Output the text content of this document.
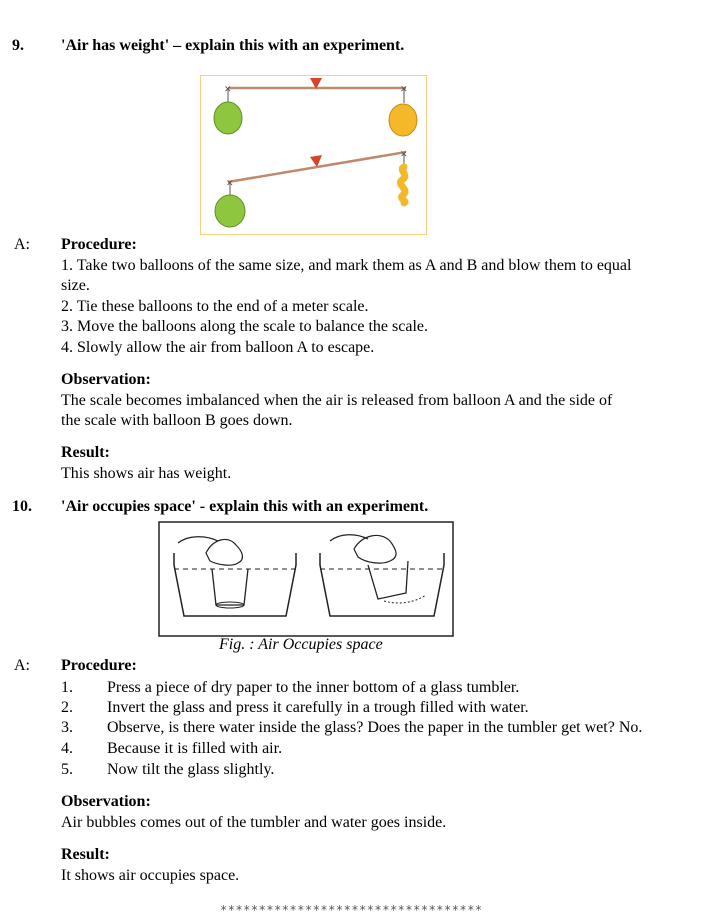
9. 'Air has weight' – explain this with an experiment.
✕	✕
✕
✕
A: Procedure:
1. Take two balloons of the same size, and mark them as A and B and blow them to equal
size.
2. Tie these balloons to the end of a meter scale.
3. Move the balloons along the scale to balance the scale.
4. Slowly allow the air from balloon A to escape.
Observation:
The scale becomes imbalanced when the air is released from balloon A and the side of
the scale with balloon B goes down.
Result:
This shows air has weight.
10. 'Air occupies space' - explain this with an experiment.
Fig. : Air Occupies space
A: Procedure:
1. Press a piece of dry paper to the inner bottom of a glass tumbler.
2. Invert the glass and press it carefully in a trough filled with water.
3. Observe, is there water inside the glass? Does the paper in the tumbler get wet? No.
4. Because it is filled with air.
5. Now tilt the glass slightly.
Observation:
Air bubbles comes out of the tumbler and water goes inside.
Result:
It shows air occupies space.
**********************************
